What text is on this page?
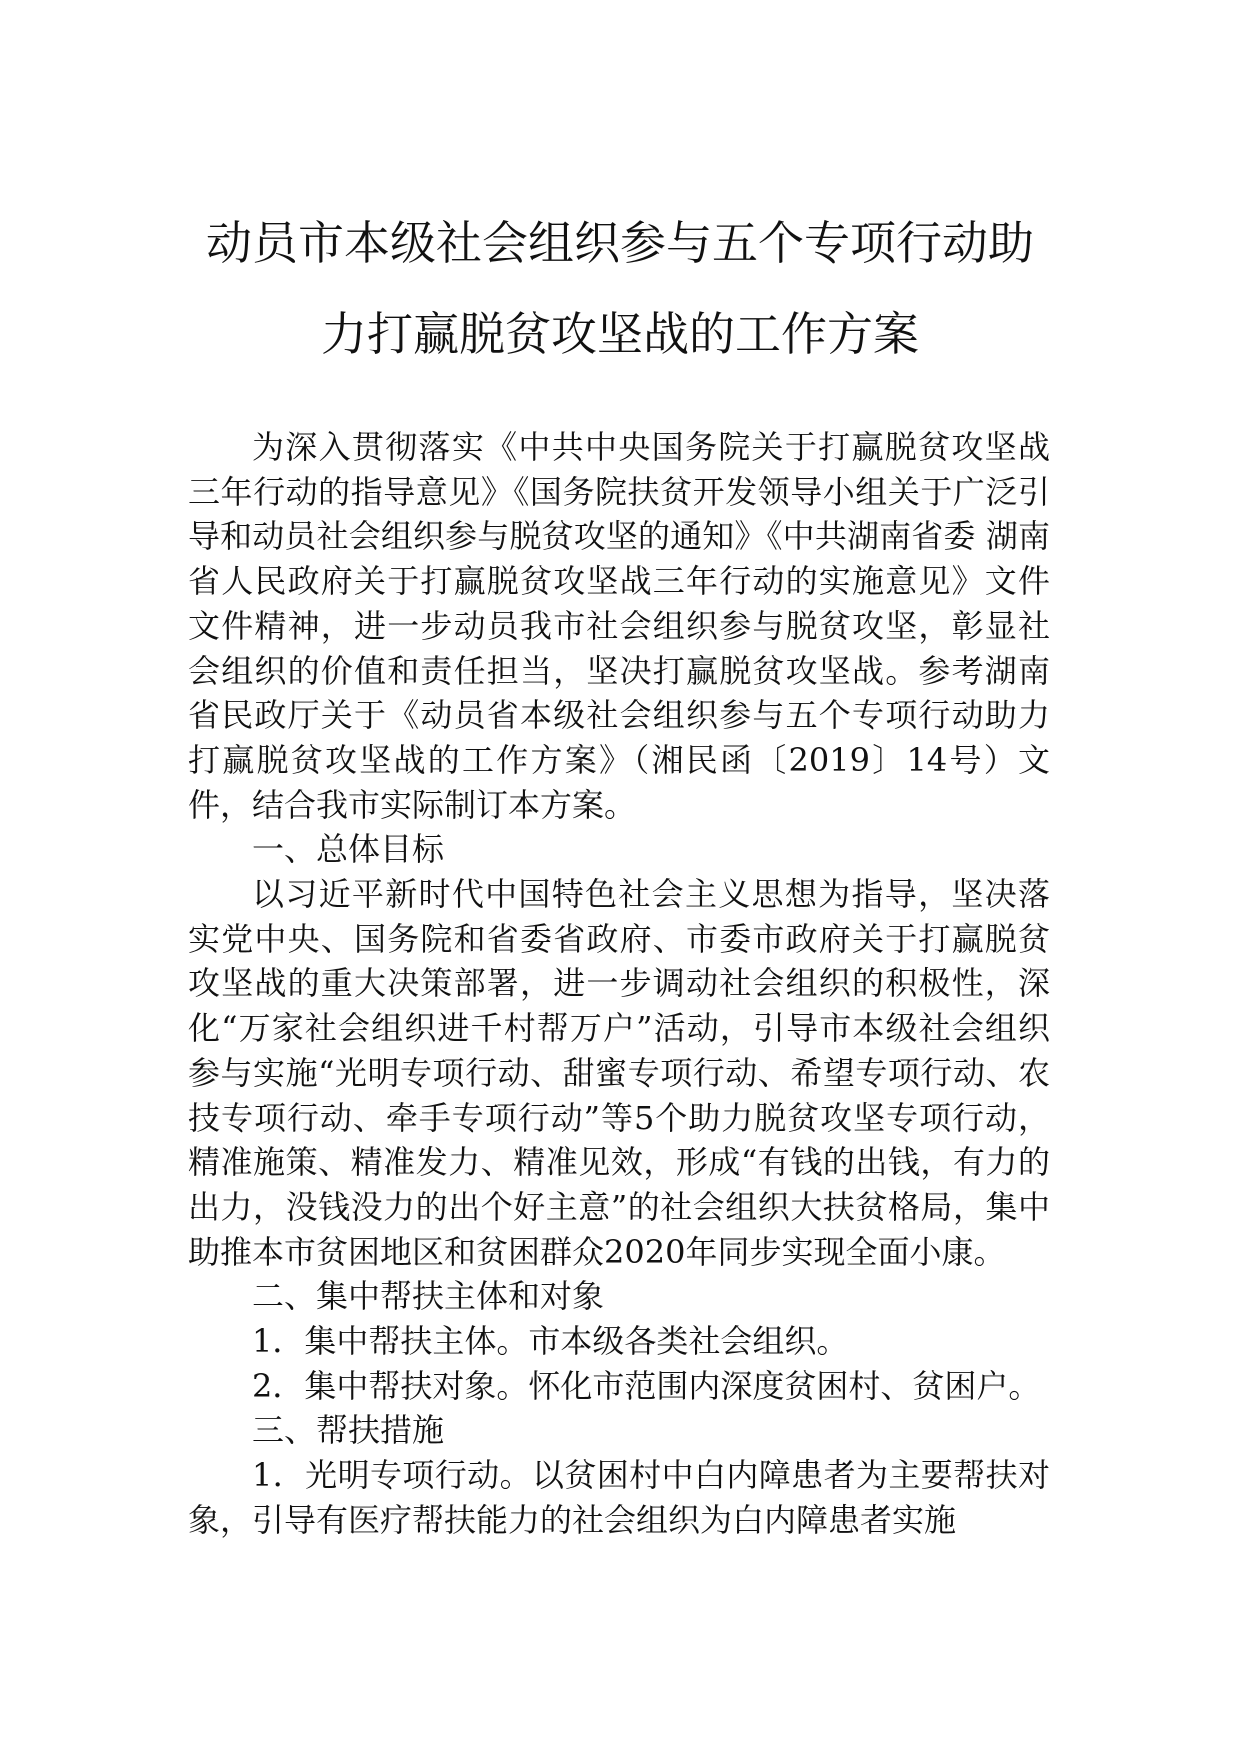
动员市本级社会组织参与五个专项行动助
力打赢脱贫攻坚战的工作方案

为深入贯彻落实《中共中央国务院关于打赢脱贫攻坚战三年行动的指导意见》《国务院扶贫开发领导小组关于广泛引导和动员社会组织参与脱贫攻坚的通知》《中共湖南省委 湖南省人民政府关于打赢脱贫攻坚战三年行动的实施意见》文件文件精神，进一步动员我市社会组织参与脱贫攻坚，彰显社会组织的价值和责任担当，坚决打赢脱贫攻坚战。参考湖南省民政厅关于《动员省本级社会组织参与五个专项行动助力打赢脱贫攻坚战的工作方案》（湘民函〔2019〕14号）文件，结合我市实际制订本方案。

一、总体目标

以习近平新时代中国特色社会主义思想为指导，坚决落实党中央、国务院和省委省政府、市委市政府关于打赢脱贫攻坚战的重大决策部署，进一步调动社会组织的积极性，深化“万家社会组织进千村帮万户”活动，引导市本级社会组织参与实施“光明专项行动、甜蜜专项行动、希望专项行动、农技专项行动、牵手专项行动”等5个助力脱贫攻坚专项行动，精准施策、精准发力、精准见效，形成“有钱的出钱，有力的出力，没钱没力的出个好主意”的社会组织大扶贫格局，集中助推本市贫困地区和贫困群众2020年同步实现全面小康。

二、集中帮扶主体和对象

1．集中帮扶主体。市本级各类社会组织。

2．集中帮扶对象。怀化市范围内深度贫困村、贫困户。

三、帮扶措施

1．光明专项行动。以贫困村中白内障患者为主要帮扶对象，引导有医疗帮扶能力的社会组织为白内障患者实施
